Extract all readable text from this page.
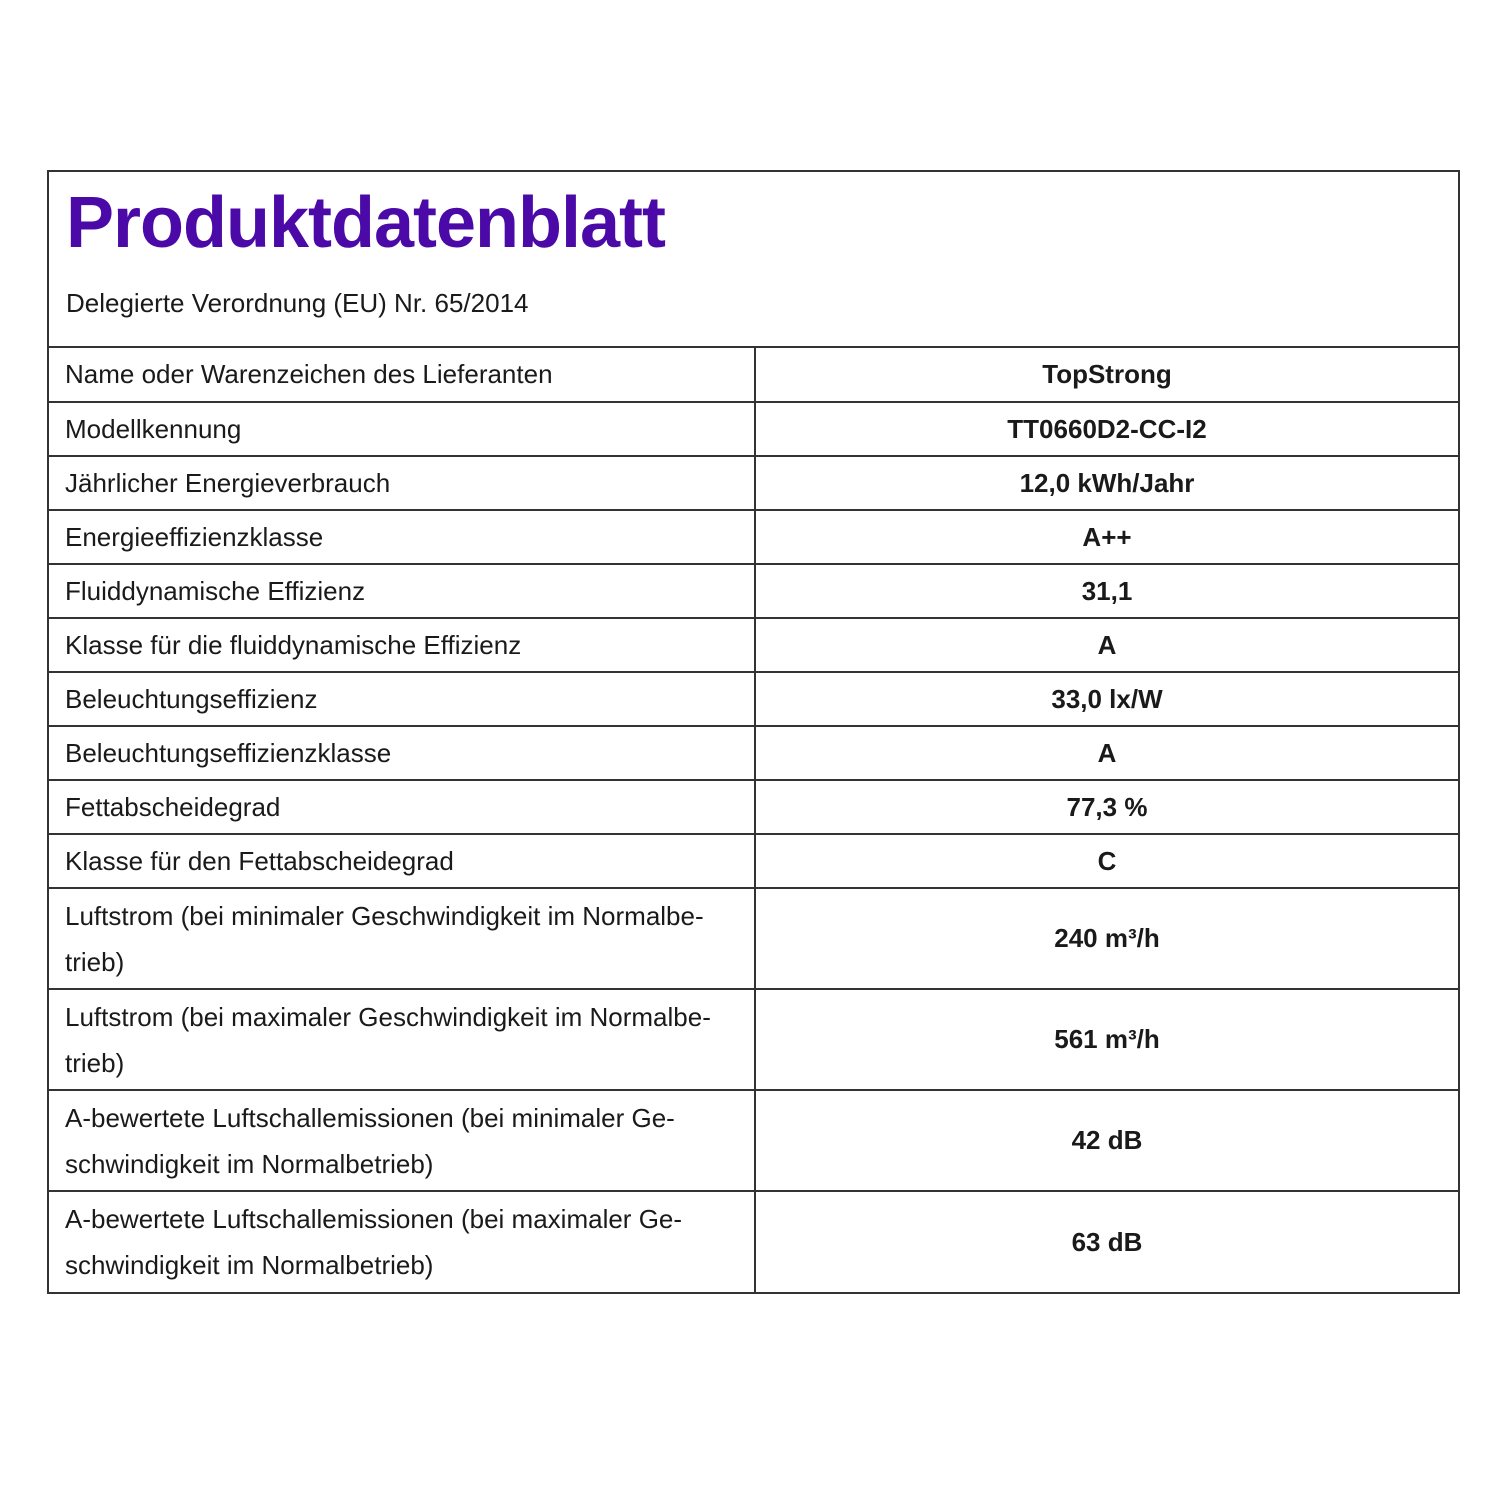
Produktdatenblatt
Delegierte Verordnung (EU) Nr. 65/2014
Name oder Warenzeichen des Lieferanten	TopStrong
Modellkennung	TT0660D2-CC-I2
Jährlicher Energieverbrauch	12,0 kWh/Jahr
Energieeffizienzklasse	A++
Fluiddynamische Effizienz	31,1
Klasse für die fluiddynamische Effizienz	A
Beleuchtungseffizienz	33,0 lx/W
Beleuchtungseffizienzklasse	A
Fettabscheidegrad	77,3 %
Klasse für den Fettabscheidegrad	C
Luftstrom (bei minimaler Geschwindigkeit im Normalbe-
trieb)	240 m³/h
Luftstrom (bei maximaler Geschwindigkeit im Normalbe-
trieb)	561 m³/h
A-bewertete Luftschallemissionen (bei minimaler Ge-
schwindigkeit im Normalbetrieb)	42 dB
A-bewertete Luftschallemissionen (bei maximaler Ge-
schwindigkeit im Normalbetrieb)	63 dB
